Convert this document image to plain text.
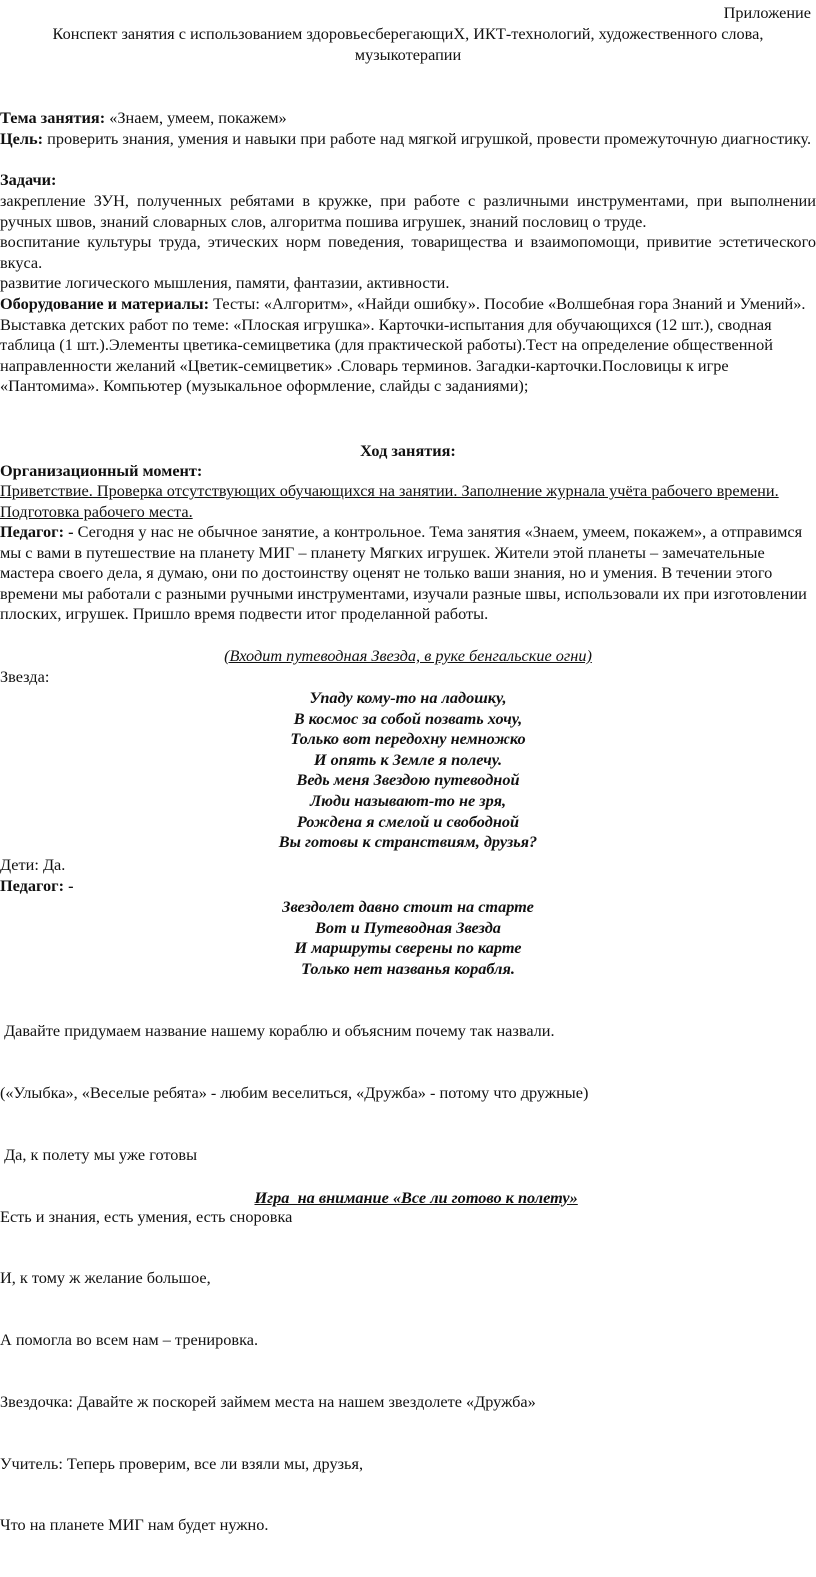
Приложение
Конспект занятия с использованием здоровьесберегающиХ, ИКТ-технологий, художественного слова,
музыкотерапии
Тема занятия: «Знаем, умеем, покажем»
Цель: проверить знания, умения и навыки при работе над мягкой игрушкой, провести промежуточную диагностику.
Задачи:
закрепление ЗУН, полученных ребятами в кружке, при работе с различными инструментами, при выполнении ручных швов, знаний словарных слов, алгоритма пошива игрушек, знаний пословиц о труде.
воспитание культуры труда, этических норм поведения, товарищества и взаимопомощи, привитие эстетического вкуса.
развитие логического мышления, памяти, фантазии, активности.
Оборудование и материалы: Тесты: «Алгоритм», «Найди ошибку». Пособие «Волшебная гора Знаний и Умений». Выставка детских работ по теме: «Плоская игрушка». Карточки-испытания для обучающихся (12 шт.), сводная таблица (1 шт.).Элементы цветика-семицветика (для практической работы).Тест на определение общественной направленности желаний «Цветик-семицветик» .Словарь терминов. Загадки-карточки.Пословицы к игре «Пантомима». Компьютер (музыкальное оформление, слайды с заданиями);
Ход занятия:
Организационный момент:
Приветствие. Проверка отсутствующих обучающихся на занятии. Заполнение журнала учёта рабочего времени. Подготовка рабочего места.
Педагог: - Сегодня у нас не обычное занятие, а контрольное. Тема занятия «Знаем, умеем, покажем», а отправимся мы с вами в путешествие на планету МИГ – планету Мягких игрушек. Жители этой планеты – замечательные мастера своего дела, я думаю, они по достоинству оценят не только ваши знания, но и умения. В течении этого времени мы работали с разными ручными инструментами, изучали разные швы, использовали их при изготовлении плоских, игрушек. Пришло время подвести итог проделанной работы.
(Входит путеводная Звезда, в руке бенгальские огни)
Звезда:
Упаду кому-то на ладошку,
В космос за собой позвать хочу,
Только вот передохну немножко
И опять к Земле я полечу.
Ведь меня Звездою путеводной
Люди называют-то не зря,
Рождена я смелой и свободной
Вы готовы к странствиям, друзья?
Дети: Да.
Педагог: -
Звездолет давно стоит на старте
Вот и Путеводная Звезда
И маршруты сверены по карте
Только нет названья корабля.

Давайте придумаем название нашему кораблю и объясним почему так назвали.

(«Улыбка», «Веселые ребята» - любим веселиться, «Дружба» - потому что дружные)

Да, к полету мы уже готовы

Есть и знания, есть умения, есть сноровка

И, к тому ж желание большое,

А помогла во всем нам – тренировка.

Звездочка: Давайте ж поскорей займем места на нашем звездолете «Дружба»

Учитель: Теперь проверим, все ли взяли мы, друзья,

Что на планете МИГ нам будет нужно.

Игра  на внимание «Все ли готово к полету»
